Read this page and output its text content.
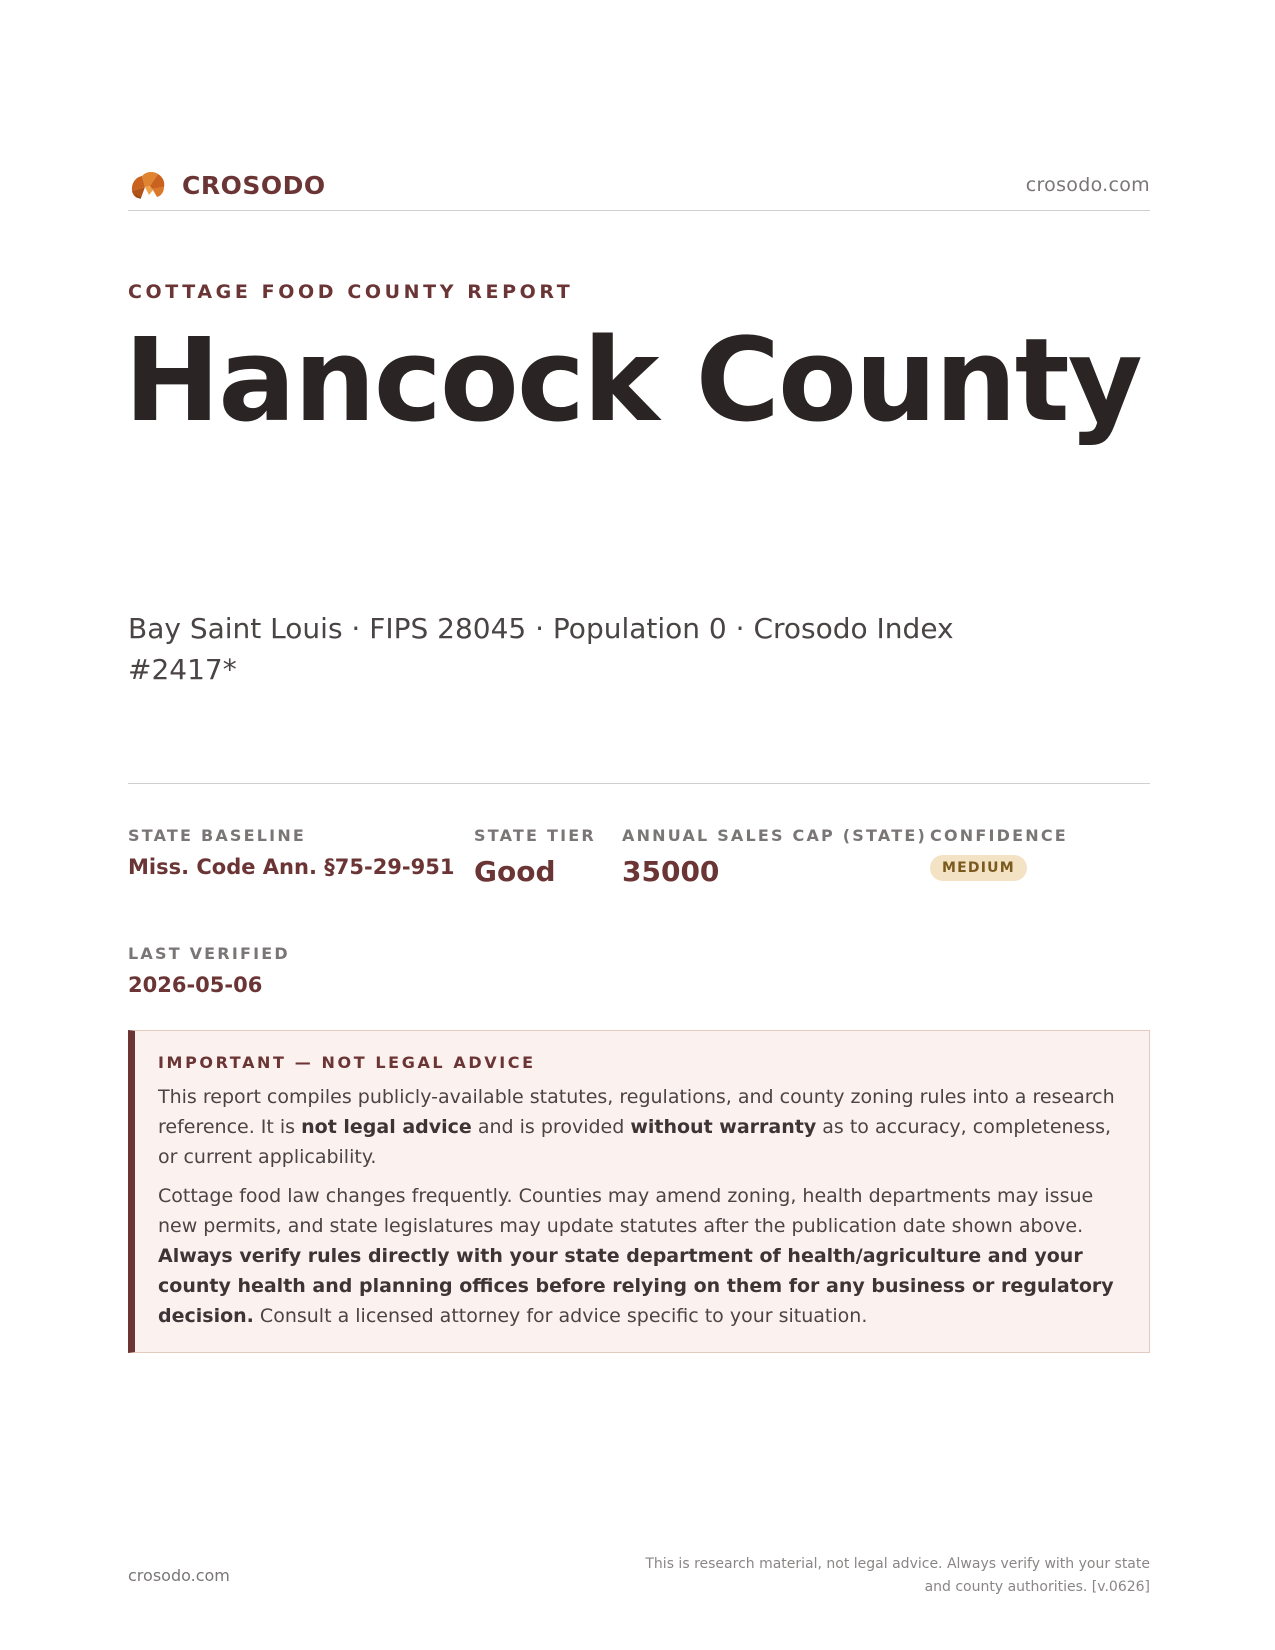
CROSODO	crosodo.com
COTTAGE FOOD COUNTY REPORT
Hancock County
Bay Saint Louis · FIPS 28045 · Population 0 · Crosodo Index #2417*
STATE BASELINE
Miss. Code Ann. §75-29-951
STATE TIER
Good
ANNUAL SALES CAP (STATE)
35000
CONFIDENCE
MEDIUM
LAST VERIFIED
2026-05-06
IMPORTANT — NOT LEGAL ADVICE

This report compiles publicly-available statutes, regulations, and county zoning rules into a research reference. It is not legal advice and is provided without warranty as to accuracy, completeness, or current applicability.

Cottage food law changes frequently. Counties may amend zoning, health departments may issue new permits, and state legislatures may update statutes after the publication date shown above. Always verify rules directly with your state department of health/agriculture and your county health and planning offices before relying on them for any business or regulatory decision. Consult a licensed attorney for advice specific to your situation.

crosodo.com
This is research material, not legal advice. Always verify with your state
and county authorities. [v.0626]
